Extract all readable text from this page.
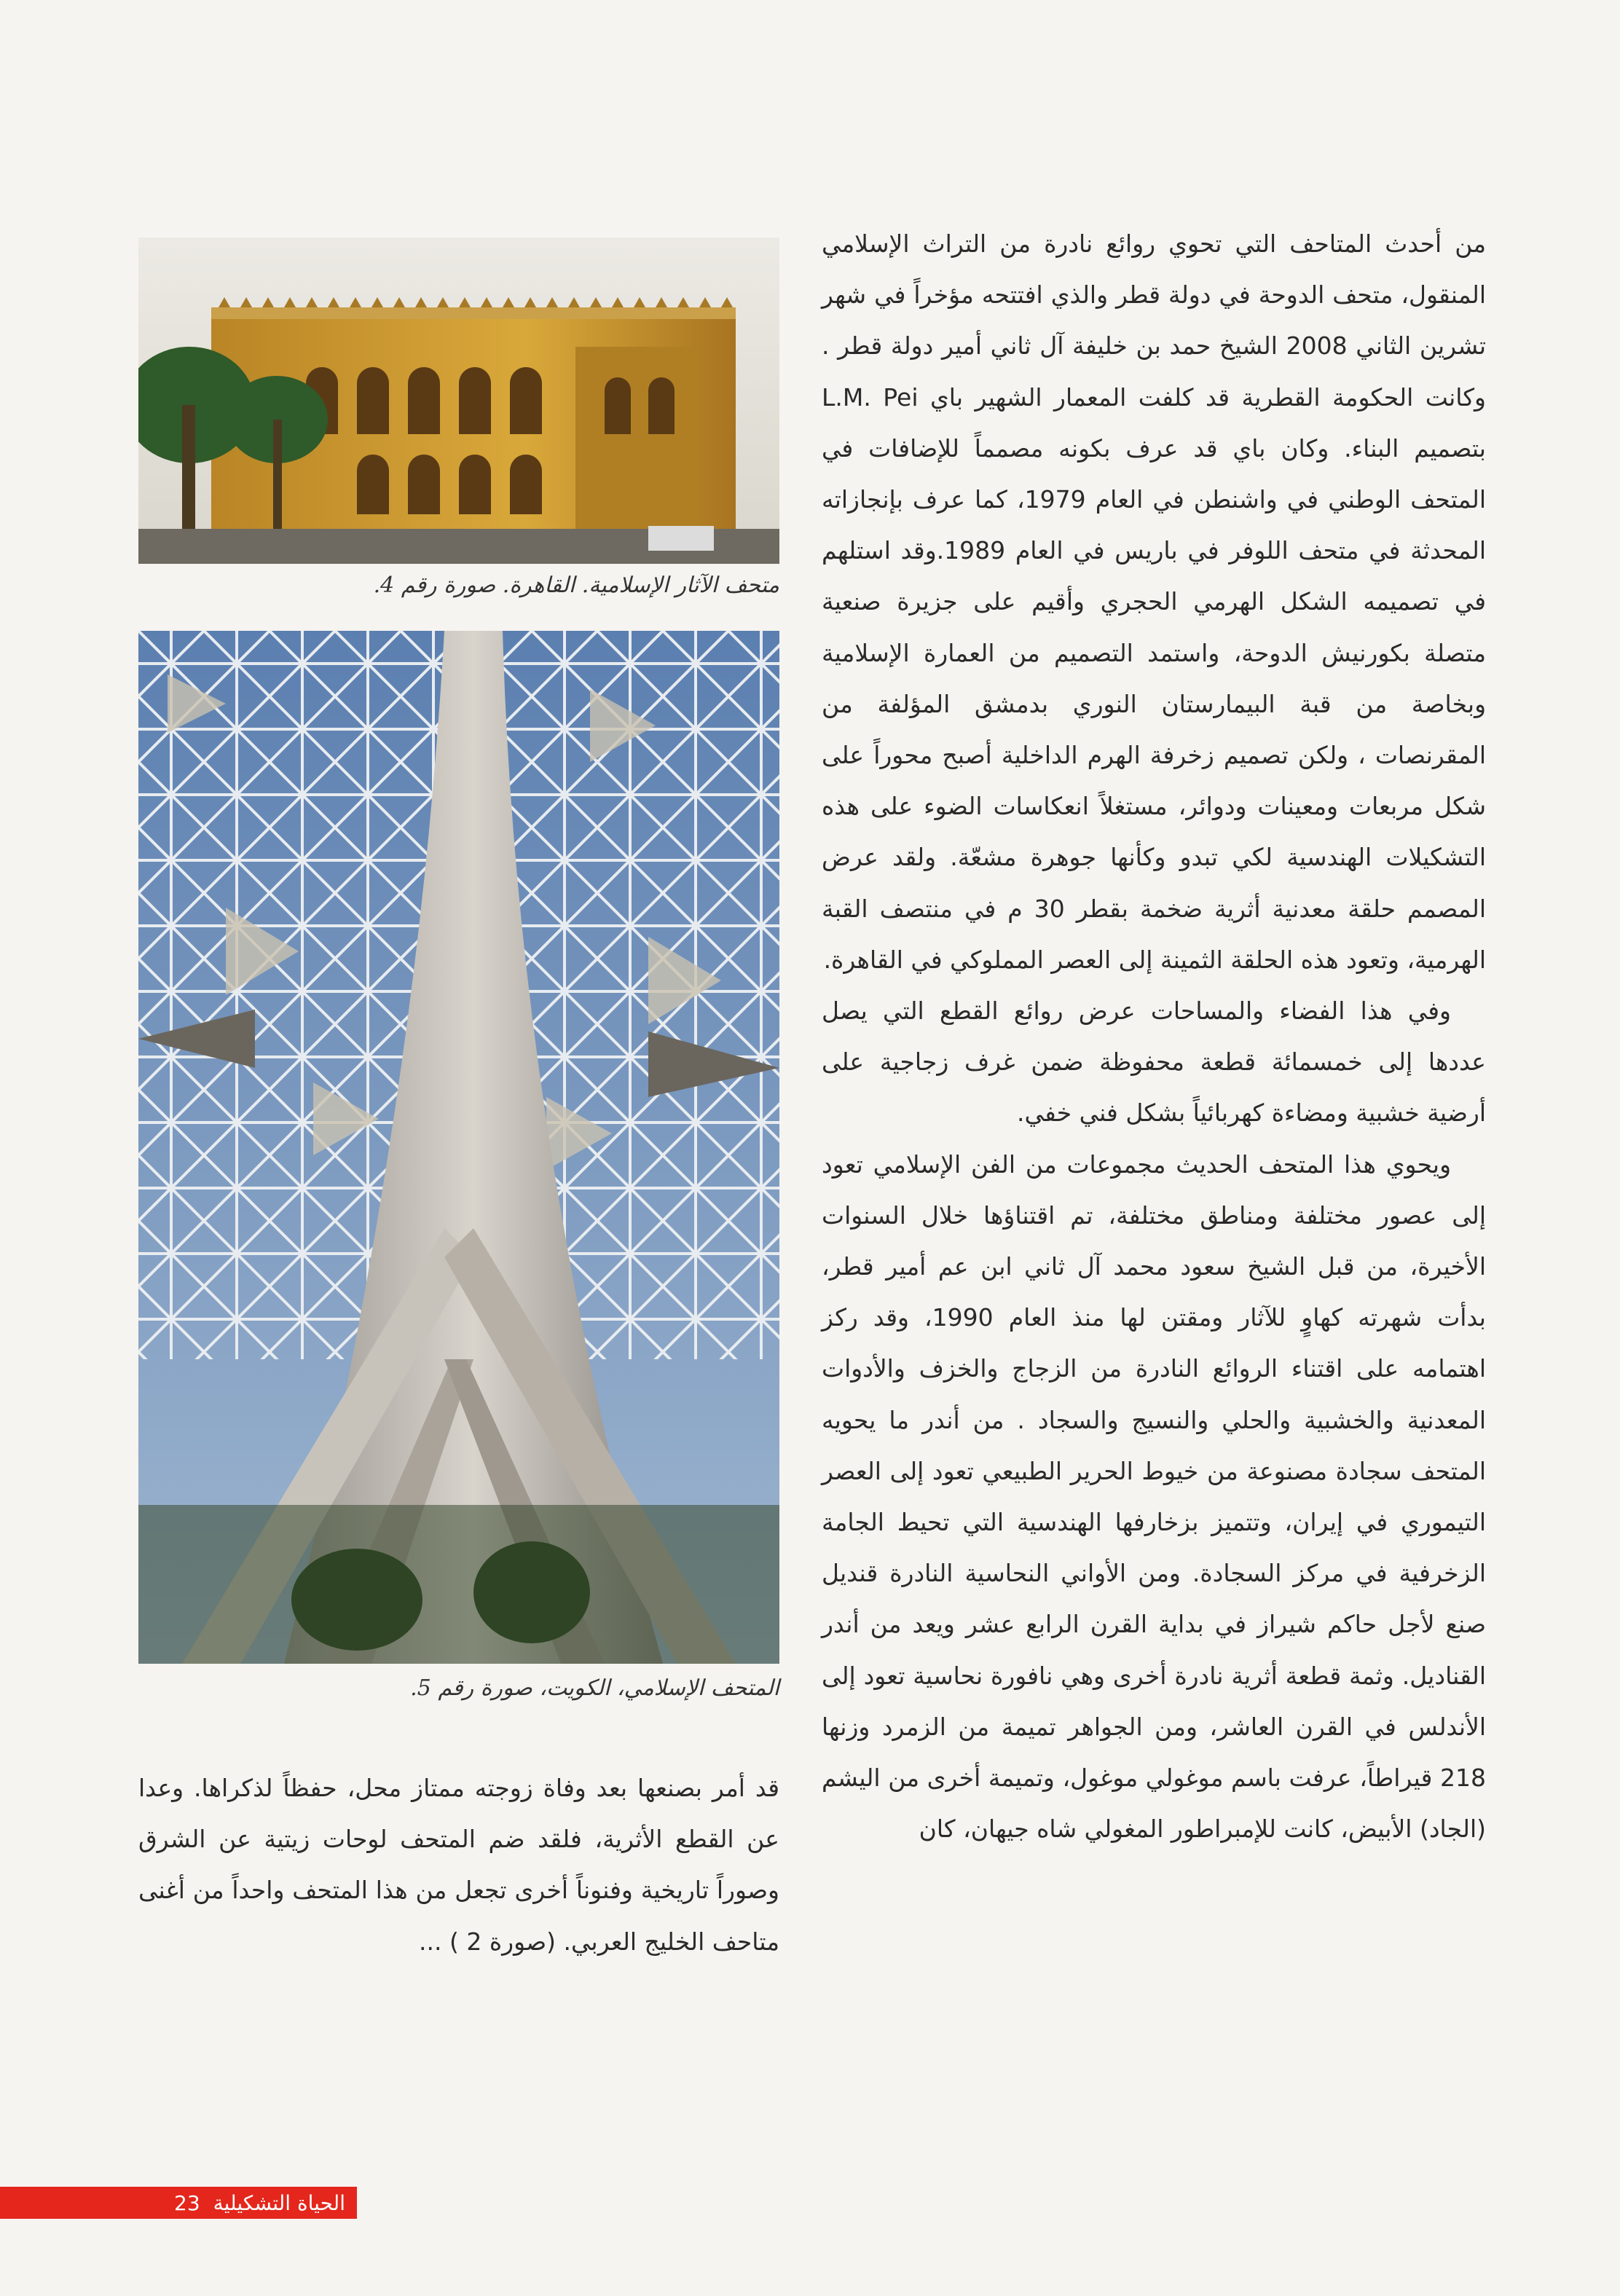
من أحدث المتاحف التي تحوي روائع نادرة من التراث الإسلامي المنقول، متحف الدوحة في دولة قطر والذي افتتحه مؤخراً في شهر تشرين الثاني 2008 الشيخ حمد بن خليفة آل ثاني أمير دولة قطر . وكانت الحكومة القطرية قد كلفت المعمار الشهير باي L.M. Pei بتصميم البناء. وكان باي قد عرف بكونه مصمماً للإضافات في المتحف الوطني في واشنطن في العام 1979، كما عرف بإنجازاته المحدثة في متحف اللوفر في باريس في العام 1989.وقد استلهم في تصميمه الشكل الهرمي الحجري وأقيم على جزيرة صنعية متصلة بكورنيش الدوحة، واستمد التصميم من العمارة الإسلامية وبخاصة من قبة البيمارستان النوري بدمشق المؤلفة من المقرنصات ، ولكن تصميم زخرفة الهرم الداخلية أصبح محوراً على شكل مربعات ومعينات ودوائر، مستغلاً انعكاسات الضوء على هذه التشكيلات الهندسية لكي تبدو وكأنها جوهرة مشعّة. ولقد عرض المصمم حلقة معدنية أثرية ضخمة بقطر 30 م في منتصف القبة الهرمية، وتعود هذه الحلقة الثمينة إلى العصر المملوكي في القاهرة.

وفي هذا الفضاء والمساحات عرض روائع القطع التي يصل عددها إلى خمسمائة قطعة محفوظة ضمن غرف زجاجية على أرضية خشبية ومضاءة كهربائياً بشكل فني خفي.

ويحوي هذا المتحف الحديث مجموعات من الفن الإسلامي تعود إلى عصور مختلفة ومناطق مختلفة، تم اقتناؤها خلال السنوات الأخيرة، من قبل الشيخ سعود محمد آل ثاني ابن عم أمير قطر، بدأت شهرته كهاوٍ للآثار ومقتن لها منذ العام 1990، وقد ركز اهتمامه على اقتناء الروائع النادرة من الزجاج والخزف والأدوات المعدنية والخشبية والحلي والنسيج والسجاد . من أندر ما يحويه المتحف سجادة مصنوعة من خيوط الحرير الطبيعي تعود إلى العصر التيموري في إيران، وتتميز بزخارفها الهندسية التي تحيط الجامة الزخرفية في مركز السجادة. ومن الأواني النحاسية النادرة قنديل صنع لأجل حاكم شيراز في بداية القرن الرابع عشر ويعد من أندر القناديل. وثمة قطعة أثرية نادرة أخرى وهي نافورة نحاسية تعود إلى الأندلس في القرن العاشر، ومن الجواهر تميمة من الزمرد وزنها 218 قيراطاً، عرفت باسم موغولي موغول، وتميمة أخرى من اليشم (الجاد) الأبيض، كانت للإمبراطور المغولي شاه جيهان، كان

متحف الآثار الإسلامية. القاهرة. صورة رقم 4.
المتحف الإسلامي، الكويت، صورة رقم 5.

قد أمر بصنعها بعد وفاة زوجته ممتاز محل، حفظاً لذكراها. وعدا عن القطع الأثرية، فلقد ضم المتحف لوحات زيتية عن الشرق وصوراً تاريخية وفنوناً أخرى تجعل من هذا المتحف واحداً من أغنى متاحف الخليج العربي. (صورة 2 ) ...

الحياة التشكيلية
23
